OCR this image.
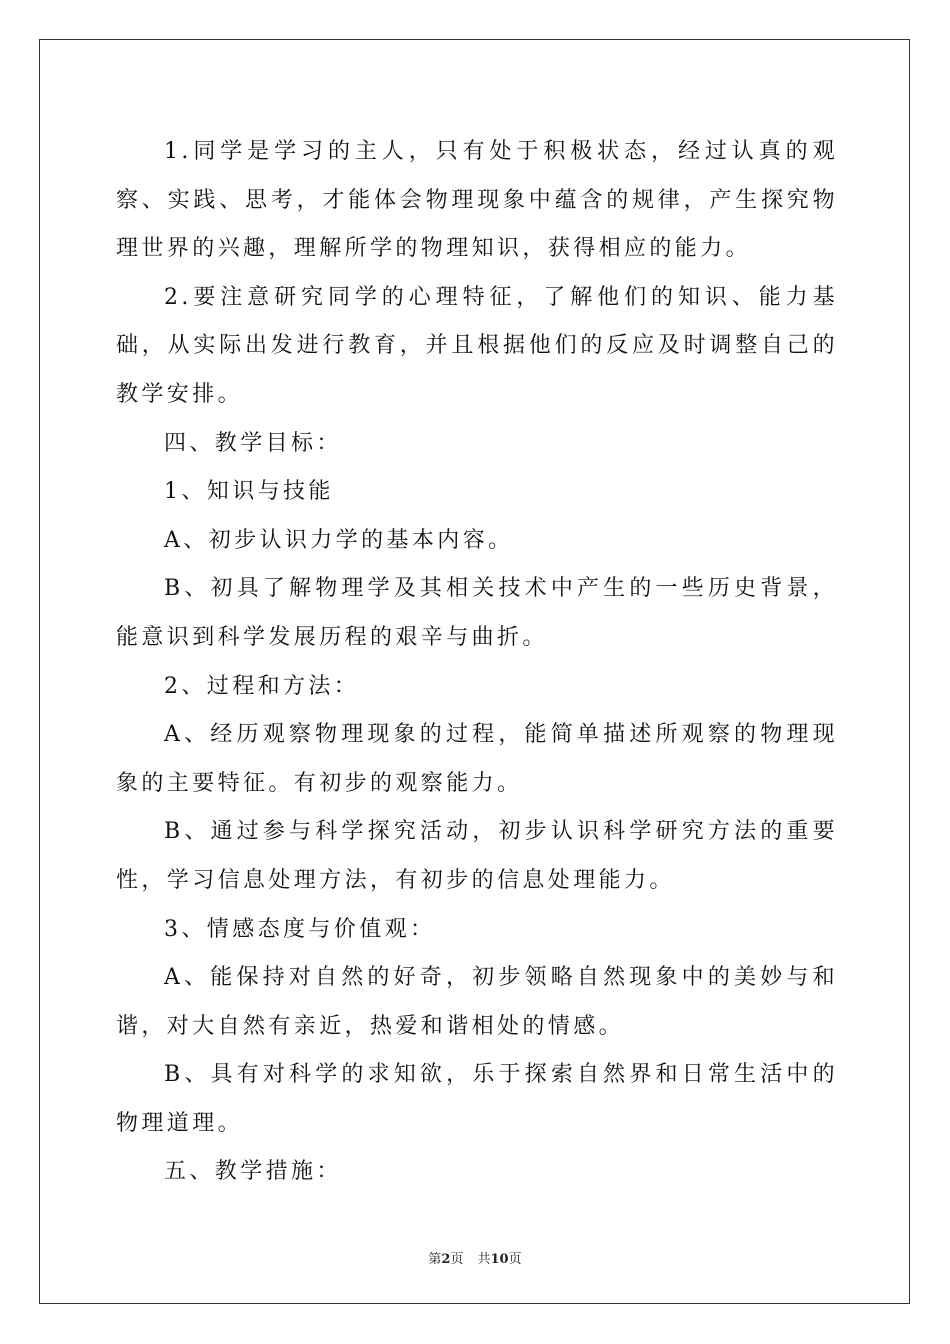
1.同学是学习的主人，只有处于积极状态，经过认真的观察、实践、思考，才能体会物理现象中蕴含的规律，产生探究物理世界的兴趣，理解所学的物理知识，获得相应的能力。

2.要注意研究同学的心理特征，了解他们的知识、能力基础，从实际出发进行教育，并且根据他们的反应及时调整自己的教学安排。

四、教学目标：

1、知识与技能

A、初步认识力学的基本内容。

B、初具了解物理学及其相关技术中产生的一些历史背景，能意识到科学发展历程的艰辛与曲折。

2、过程和方法：

A、经历观察物理现象的过程，能简单描述所观察的物理现象的主要特征。有初步的观察能力。

B、通过参与科学探究活动，初步认识科学研究方法的重要性，学习信息处理方法，有初步的信息处理能力。

3、情感态度与价值观：

A、能保持对自然的好奇，初步领略自然现象中的美妙与和谐，对大自然有亲近，热爱和谐相处的情感。

B、具有对科学的求知欲，乐于探索自然界和日常生活中的物理道理。

五、教学措施：

第2页 共10页
